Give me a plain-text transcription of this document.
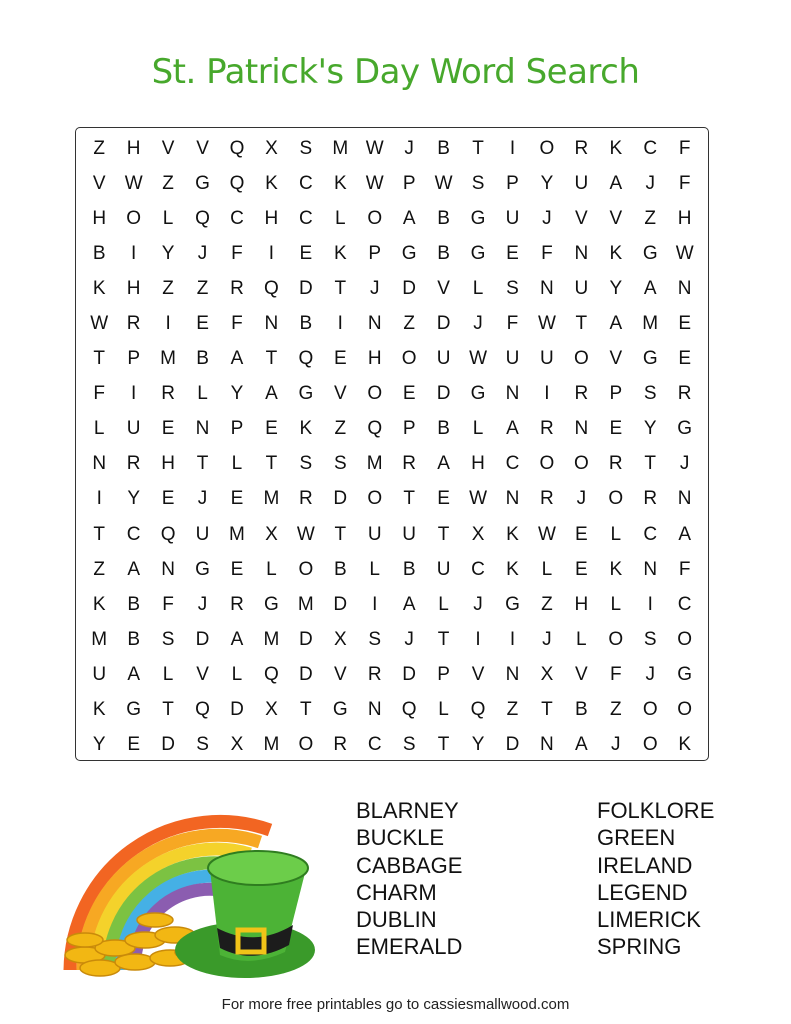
St. Patrick's Day Word Search
Z	H	V	V	Q	X	S	M W	J	B	T	I	O	R	K	C	F
V	W	Z	G	Q	K	C	K	W	P	W	S	P	Y	U	A	J	F
H	O	L	Q	C	H	C	L	O	A	B	G	U	J	V	V	Z	H
B	I	Y	J	F	I	E	K	P	G	B	G	E	F	N	K	G W
K	H	Z	Z	R	Q	D	T	J	D	V	L	S	N	U	Y	A	N
W R	I	E	F	N	B	I	N	Z	D	J	F	W	T	A	M	E
T	P	M	B	A	T	Q	E	H	O	U W U	U	O	V	G	E
F	I	R	L	Y	A	G	V	O	E	D	G	N	I	R	P	S	R
L	U	E	N	P	E	K	Z	Q	P	B	L	A	R	N	E	Y	G
N	R	H	T	L	T	S	S	M	R	A	H	C	O	O	R	T	J
I	Y	E	J	E	M	R	D	O	T	E	W N	R	J	O	R	N
T	C	Q	U	M	X	W	T	U	U	T	X	K	W	E	L	C	A
Z	A	N	G	E	L	O	B	L	B	U	C	K	L	E	K	N	F
K	B	F	J	R	G	M	D	I	A	L	J	G	Z	H	L	I	C
M	B	S	D	A	M	D	X	S	J	T	I	I	J	L	O	S	O
U	A	L	V	L	Q	D	V	R	D	P	V	N	X	V	F	J	G
K	G	T	Q	D	X	T	G	N	Q	L	Q	Z	T	B	Z	O	O
Y	E	D	S	X	M	O	R	C	S	T	Y	D	N	A	J	O	K
BLARNEY
BUCKLE
CABBAGE
CHARM
DUBLIN
EMERALD
FOLKLORE
GREEN
IRELAND
LEGEND
LIMERICK
SPRING
For more free printables go to cassiesmallwood.com
